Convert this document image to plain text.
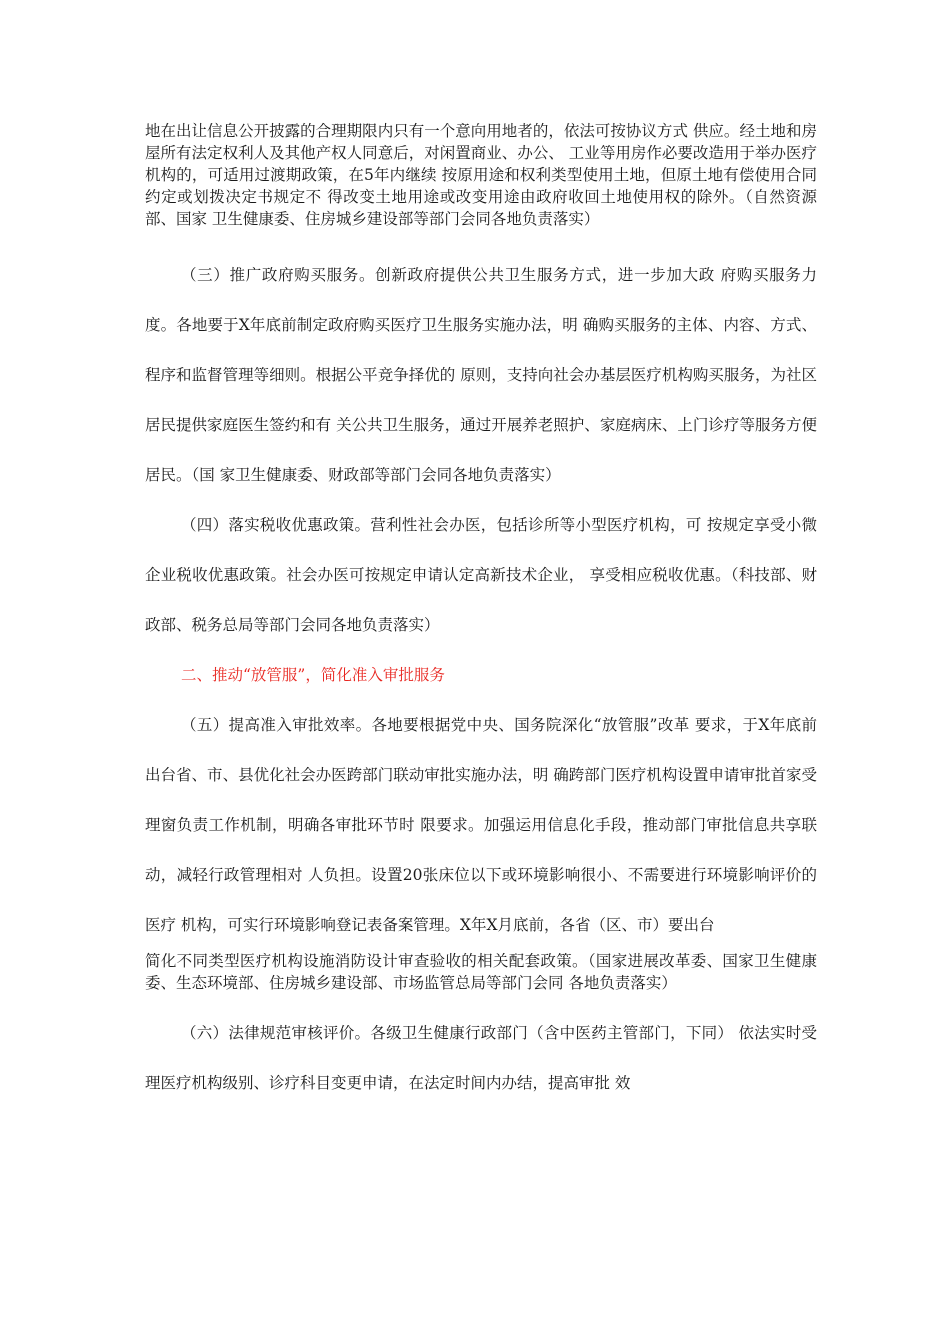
地在出让信息公开披露的合理期限内只有一个意向用地者的，依法可按协议方式 供应。经土地和房屋所有法定权利人及其他产权人同意后，对闲置商业、办公、 工业等用房作必要改造用于举办医疗机构的，可适用过渡期政策，在5年内继续 按原用途和权利类型使用土地，但原土地有偿使用合同约定或划拨决定书规定不 得改变土地用途或改变用途由政府收回土地使用权的除外。（自然资源部、国家 卫生健康委、住房城乡建设部等部门会同各地负责落实）

（三）推广政府购买服务。创新政府提供公共卫生服务方式，进一步加大政 府购买服务力度。各地要于X年底前制定政府购买医疗卫生服务实施办法，明 确购买服务的主体、内容、方式、程序和监督管理等细则。根据公平竞争择优的 原则，支持向社会办基层医疗机构购买服务，为社区居民提供家庭医生签约和有 关公共卫生服务，通过开展养老照护、家庭病床、上门诊疗等服务方便居民。（国 家卫生健康委、财政部等部门会同各地负责落实）

（四）落实税收优惠政策。营利性社会办医，包括诊所等小型医疗机构，可 按规定享受小微企业税收优惠政策。社会办医可按规定申请认定高新技术企业， 享受相应税收优惠。（科技部、财政部、税务总局等部门会同各地负责落实）

二、推动“放管服”，简化准入审批服务

（五）提高准入审批效率。各地要根据党中央、国务院深化“放管服”改革 要求，于X年底前出台省、市、县优化社会办医跨部门联动审批实施办法，明 确跨部门医疗机构设置申请审批首家受理窗负责工作机制，明确各审批环节时 限要求。加强运用信息化手段，推动部门审批信息共享联动，减轻行政管理相对 人负担。设置20张床位以下或环境影响很小、不需要进行环境影响评价的医疗 机构，可实行环境影响登记表备案管理。X年X月底前，各省（区、市）要出台

简化不同类型医疗机构设施消防设计审查验收的相关配套政策。（国家进展改革委、国家卫生健康委、生态环境部、住房城乡建设部、市场监管总局等部门会同 各地负责落实）

（六）法律规范审核评价。各级卫生健康行政部门（含中医药主管部门，下同） 依法实时受理医疗机构级别、诊疗科目变更申请，在法定时间内办结，提高审批 效
